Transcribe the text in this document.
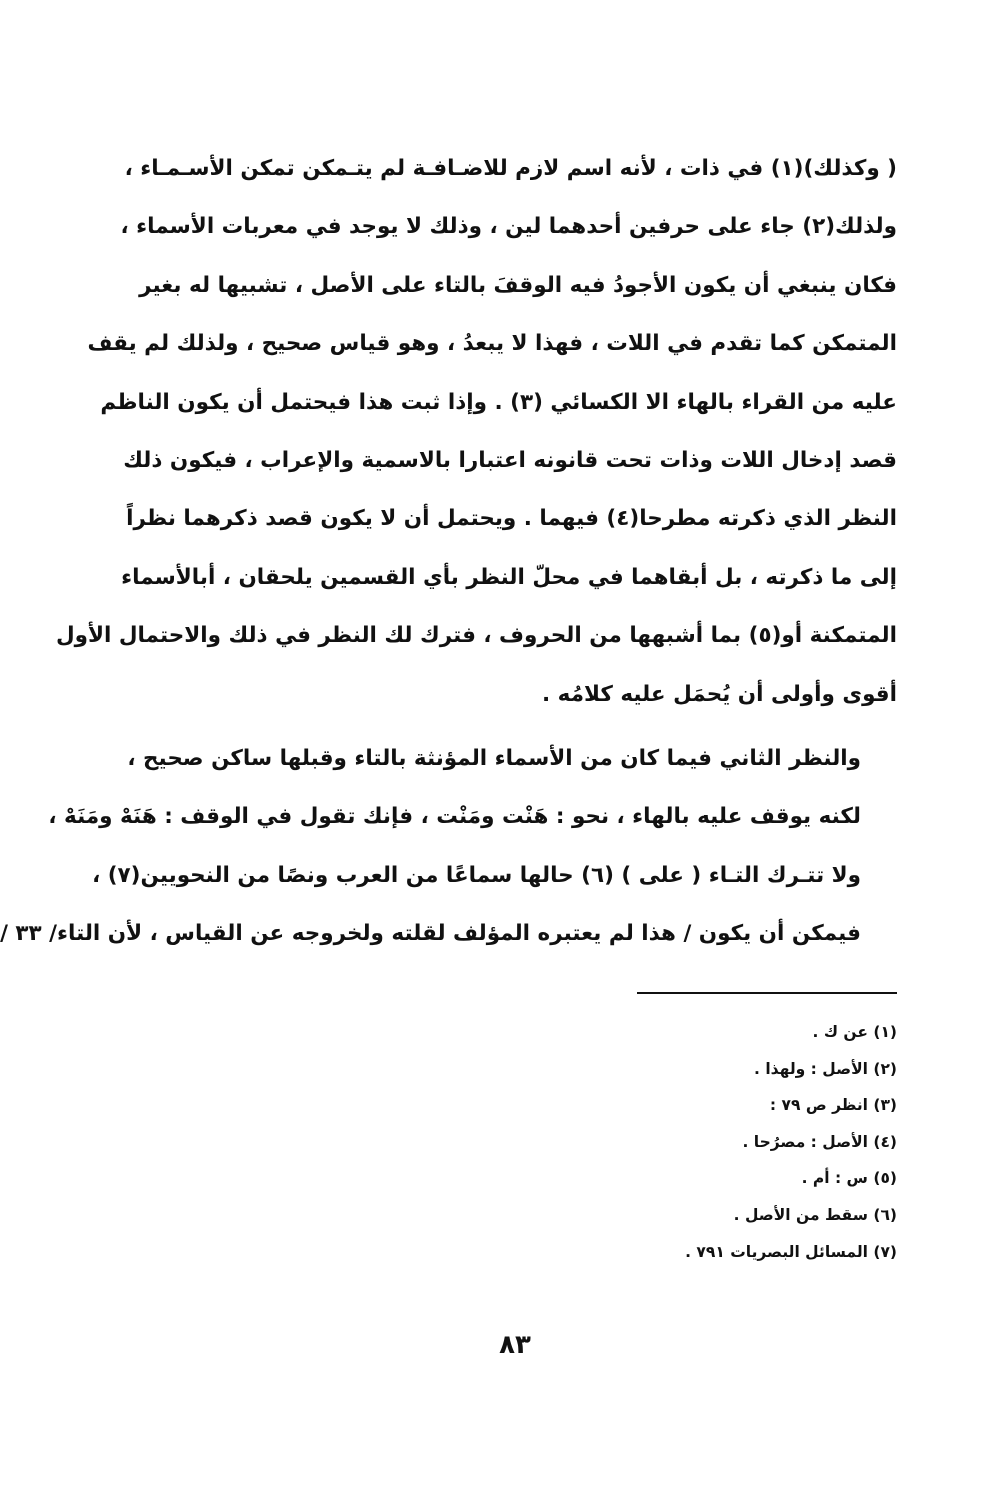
( وكذلك)(١) في ذات ، لأنه اسم لازم للاضـافـة لم يتـمكن تمكن الأسـمـاء ،
ولذلك(٢) جاء على حرفين أحدهما لين ، وذلك لا يوجد في معربات الأسماء ،
فكان ينبغي أن يكون الأجودُ فيه الوقفَ بالتاء على الأصل ، تشبيها له بغير
المتمكن كما تقدم في اللات ، فهذا لا يبعدُ ، وهو قياس صحيح ، ولذلك لم يقف
عليه من القراء بالهاء الا الكسائي (٣) . وإذا ثبت هذا فيحتمل أن يكون الناظم
قصد إدخال اللات وذات تحت قانونه اعتبارا بالاسمية والإعراب ، فيكون ذلك
النظر الذي ذكرته مطرحا(٤) فيهما . ويحتمل أن لا يكون قصد ذكرهما نظراً
إلى ما ذكرته ، بل أبقاهما في محلّ النظر بأي القسمين يلحقان ، أبالأسماء
المتمكنة أو(٥) بما أشبهها من الحروف ، فترك لك النظر في ذلك والاحتمال الأول
أقوى وأولى أن يُحمَل عليه كلامُه .

والنظر الثاني فيما كان من الأسماء المؤنثة بالتاء وقبلها ساكن صحيح ،
لكنه يوقف عليه بالهاء ، نحو : هَنْت ومَنْت ، فإنك تقول في الوقف : هَنَهْ ومَنَهْ ،
ولا تتـرك التـاء ( على ) (٦) حالها سماعًا من العرب ونصًا من النحويين(٧) ،
فيمكن أن يكون / هذا لم يعتبره المؤلف لقلته ولخروجه عن القياس ، لأن التاء/ ٣٣ /

(١) عن ك .
(٢) الأصل : ولهذا .
(٣) انظر ص ٧٩ :
(٤) الأصل : مصرُحا .
(٥) س : أم .
(٦) سقط من الأصل .
(٧) المسائل البصريات ٧٩١ .
٨٣
